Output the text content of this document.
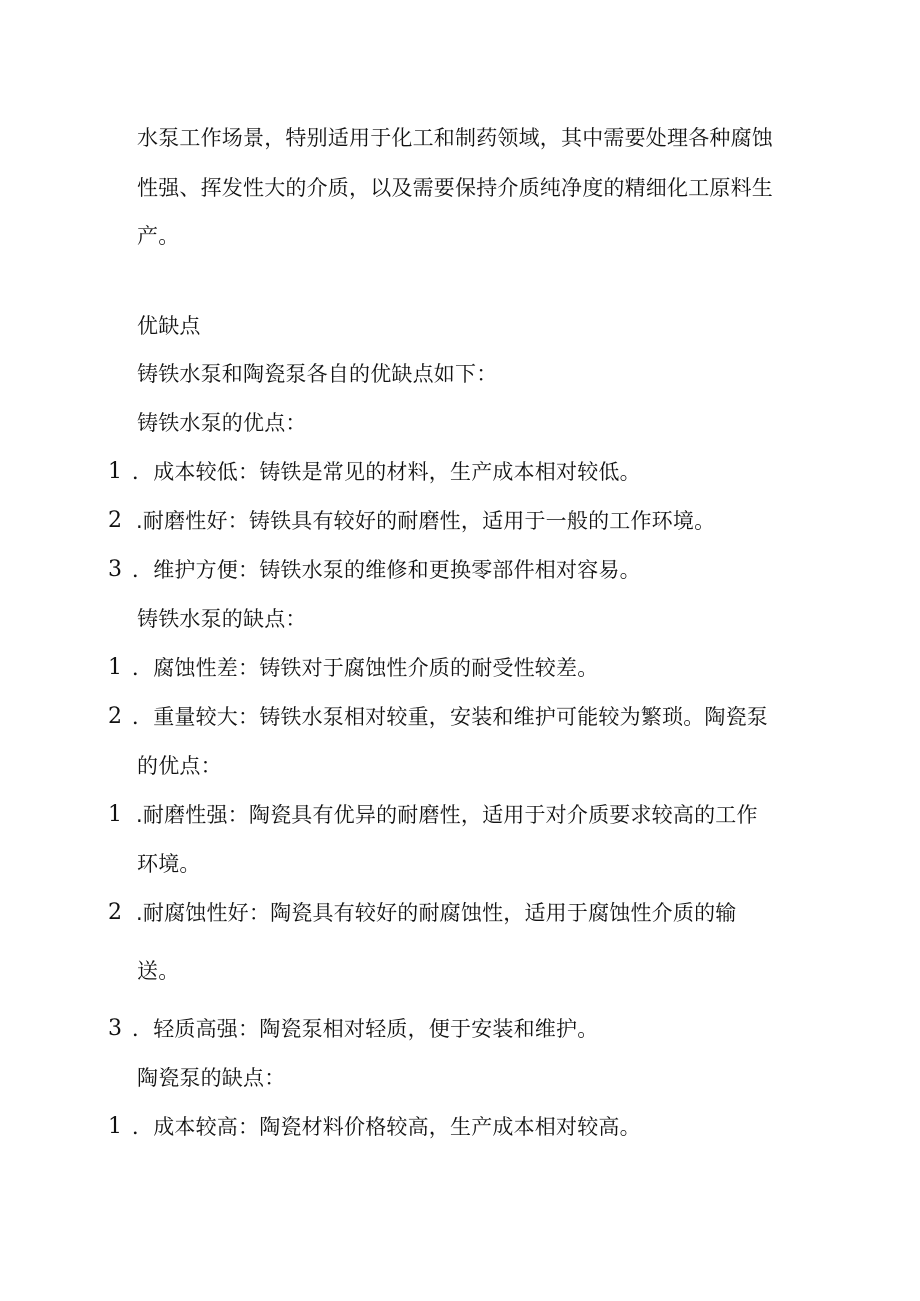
水泵工作场景，特别适用于化工和制药领域，其中需要处理各种腐蚀
性强、挥发性大的介质，以及需要保持介质纯净度的精细化工原料生
产。
优缺点
铸铁水泵和陶瓷泵各自的优缺点如下：
铸铁水泵的优点：
1 ．成本较低：铸铁是常见的材料，生产成本相对较低。
2 .耐磨性好：铸铁具有较好的耐磨性，适用于一般的工作环境。
3 ．维护方便：铸铁水泵的维修和更换零部件相对容易。
铸铁水泵的缺点：
1 ．腐蚀性差：铸铁对于腐蚀性介质的耐受性较差。
2 ．重量较大：铸铁水泵相对较重，安装和维护可能较为繁琐。陶瓷泵
的优点：
1 .耐磨性强：陶瓷具有优异的耐磨性，适用于对介质要求较高的工作
环境。
2 .耐腐蚀性好：陶瓷具有较好的耐腐蚀性，适用于腐蚀性介质的输
送。
3 ．轻质高强：陶瓷泵相对轻质，便于安装和维护。
陶瓷泵的缺点：
1 ．成本较高：陶瓷材料价格较高，生产成本相对较高。
